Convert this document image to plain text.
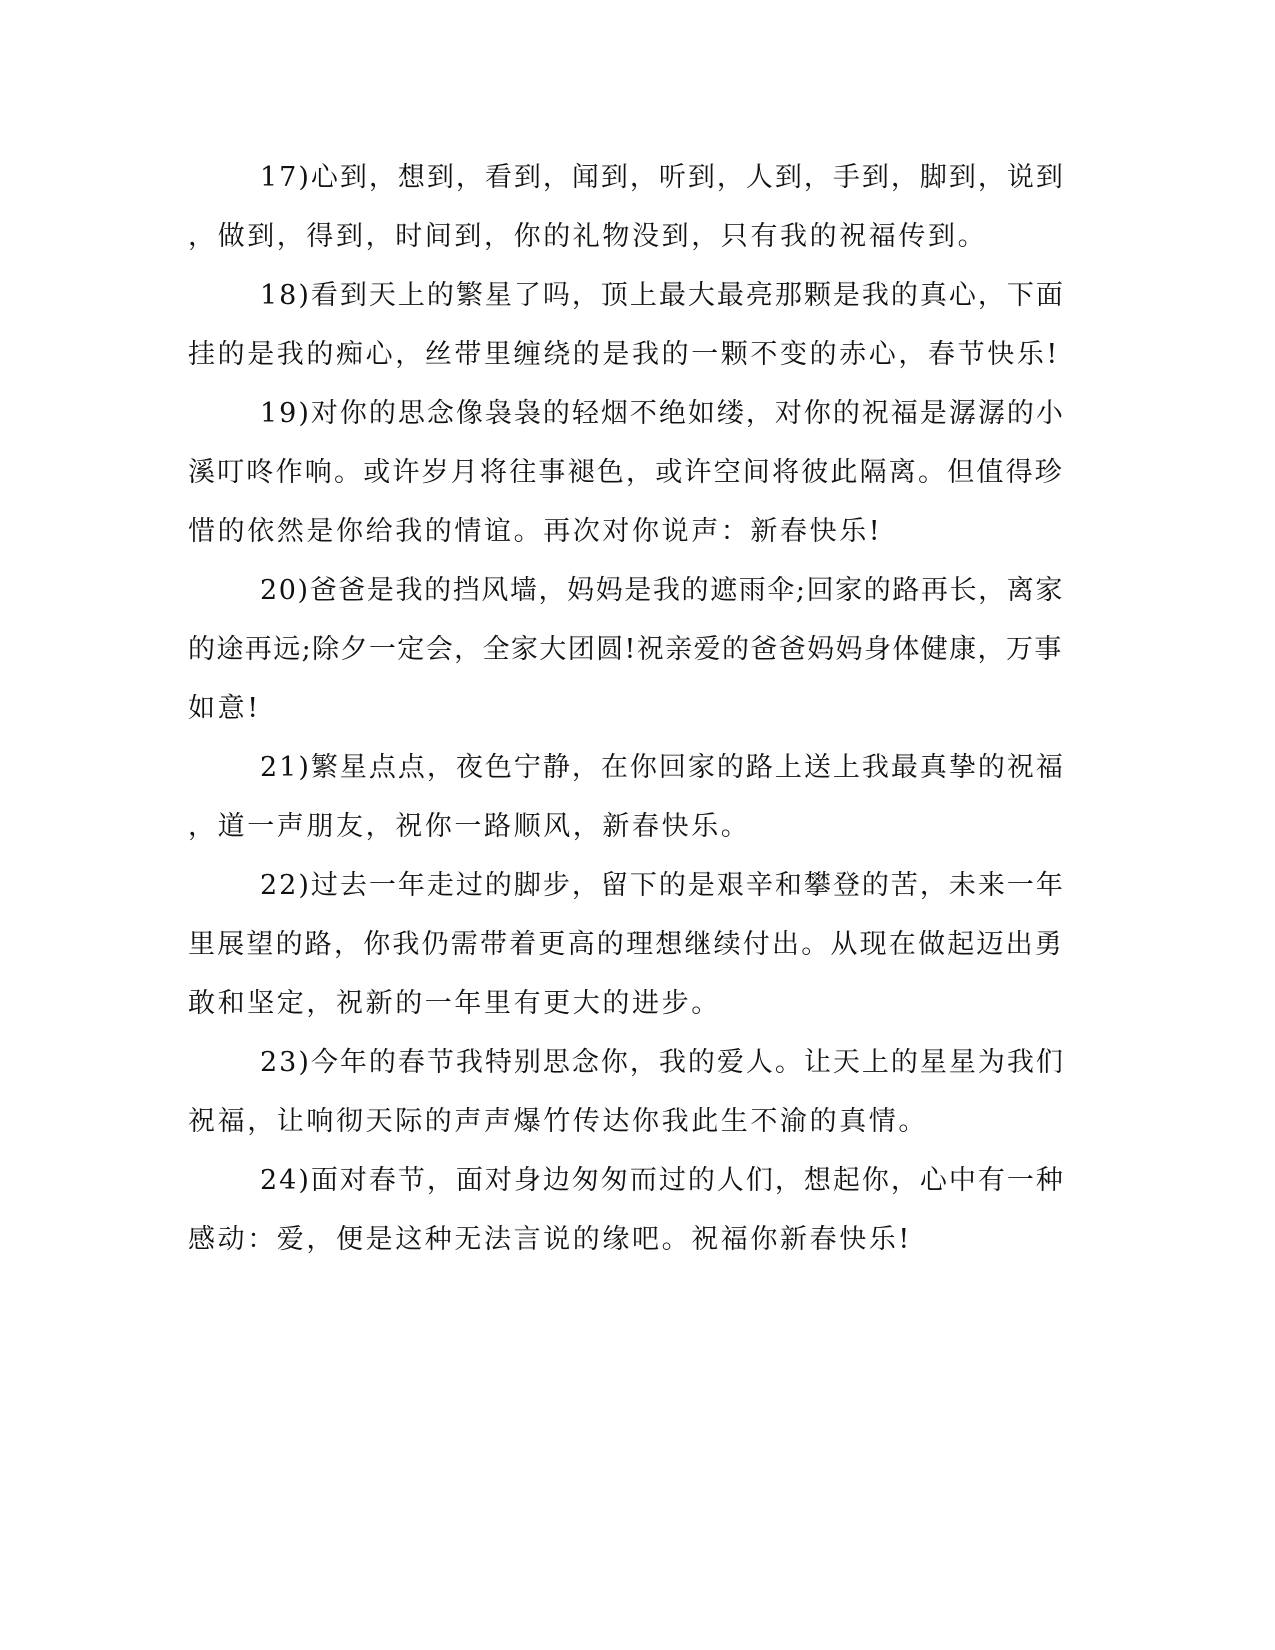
17)心到，想到，看到，闻到，听到，人到，手到，脚到，说到
，做到，得到，时间到，你的礼物没到，只有我的祝福传到。
18)看到天上的繁星了吗，顶上最大最亮那颗是我的真心，下面
挂的是我的痴心，丝带里缠绕的是我的一颗不变的赤心，春节快乐!
19)对你的思念像袅袅的轻烟不绝如缕，对你的祝福是潺潺的小
溪叮咚作响。或许岁月将往事褪色，或许空间将彼此隔离。但值得珍
惜的依然是你给我的情谊。再次对你说声：新春快乐!
20)爸爸是我的挡风墙，妈妈是我的遮雨伞;回家的路再长，离家
的途再远;除夕一定会，全家大团圆!祝亲爱的爸爸妈妈身体健康，万事
如意!
21)繁星点点，夜色宁静，在你回家的路上送上我最真挚的祝福
，道一声朋友，祝你一路顺风，新春快乐。
22)过去一年走过的脚步，留下的是艰辛和攀登的苦，未来一年
里展望的路，你我仍需带着更高的理想继续付出。从现在做起迈出勇
敢和坚定，祝新的一年里有更大的进步。
23)今年的春节我特别思念你，我的爱人。让天上的星星为我们
祝福，让响彻天际的声声爆竹传达你我此生不渝的真情。
24)面对春节，面对身边匆匆而过的人们，想起你，心中有一种
感动：爱，便是这种无法言说的缘吧。祝福你新春快乐!
